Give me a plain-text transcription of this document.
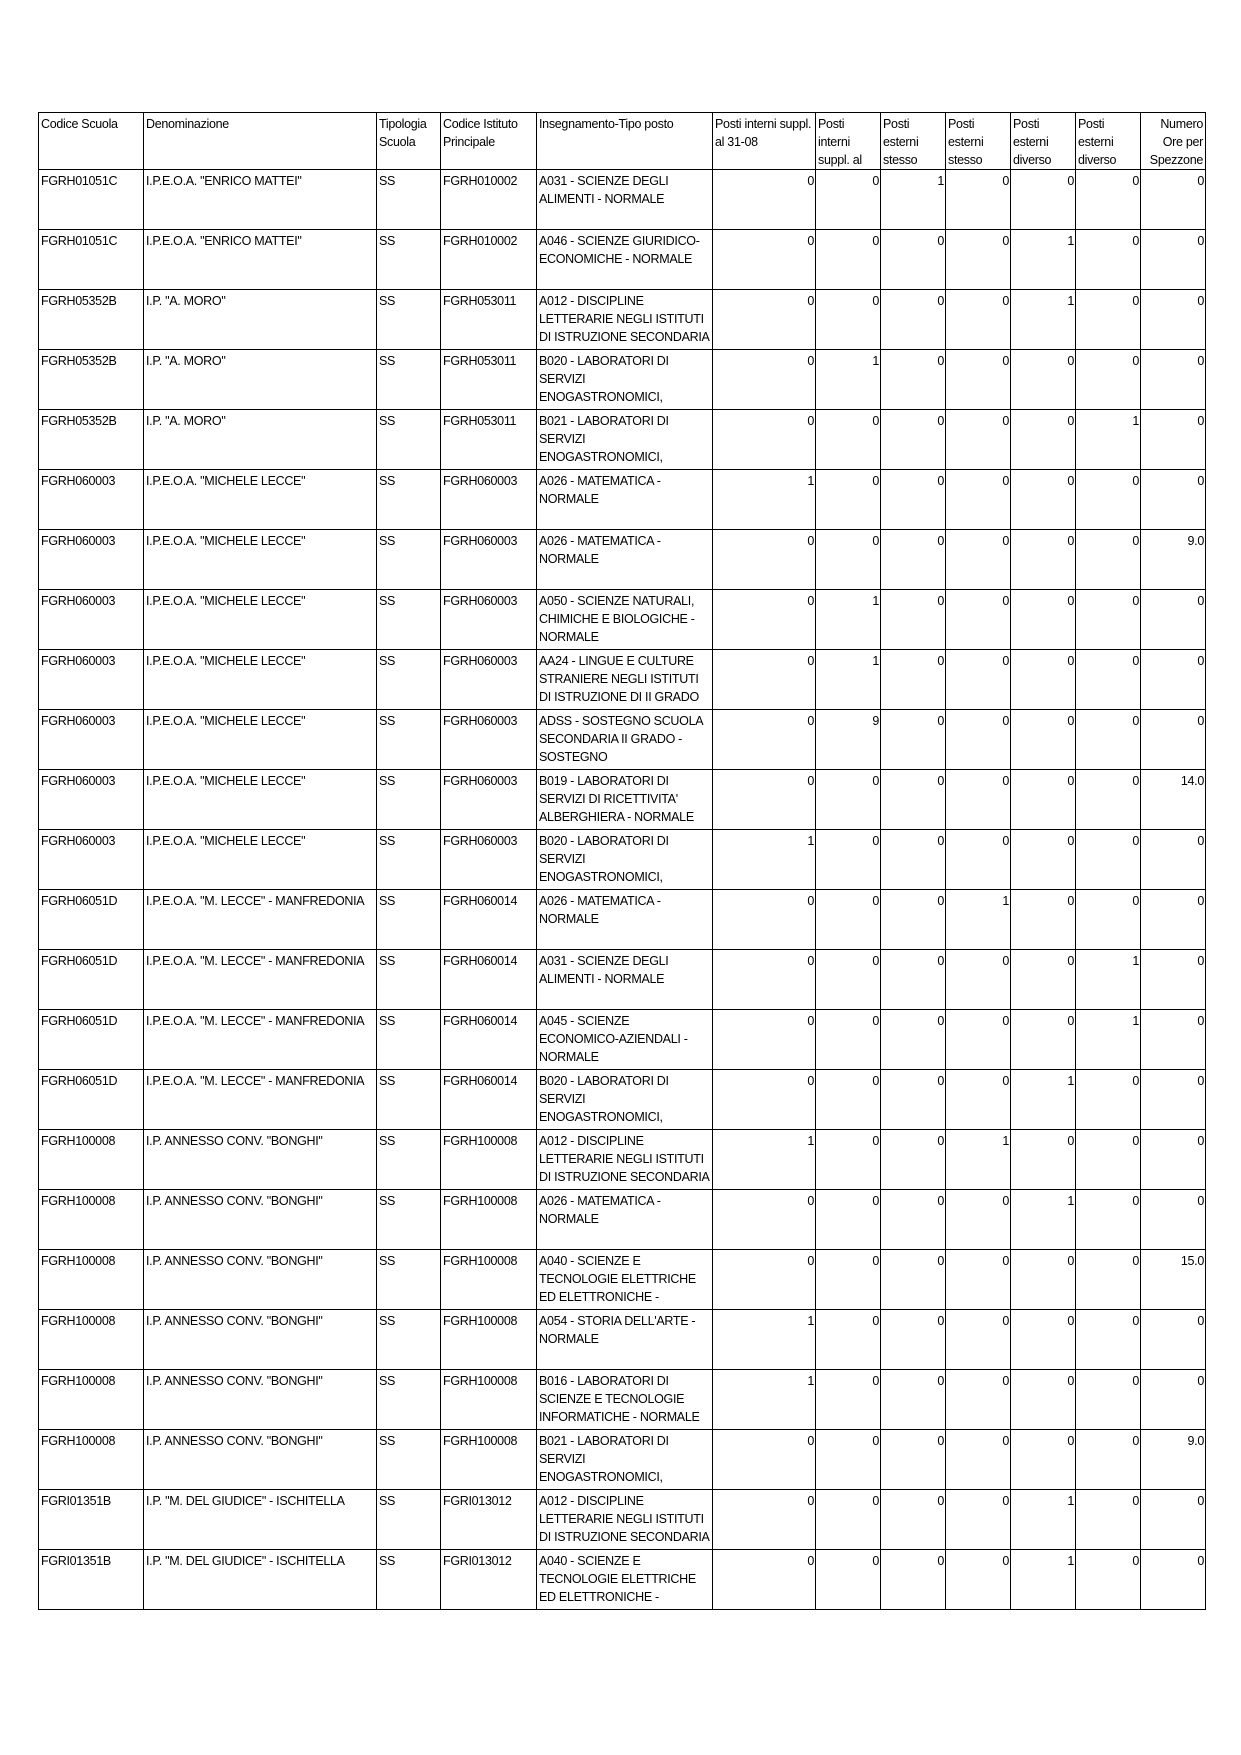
Codice Scuola	Denominazione	Tipologia Scuola	Codice Istituto Principale	Insegnamento-Tipo posto	Posti interni suppl. al 31-08	Posti interni suppl. al	Posti esterni stesso	Posti esterni stesso	Posti esterni diverso	Posti esterni diverso	Numero Ore per Spezzone

FGRH01051C	I.P.E.O.A. "ENRICO MATTEI"	SS	FGRH010002	A031 - SCIENZE DEGLI ALIMENTI - NORMALE	0	0	1	0	0	0	0

FGRH01051C	I.P.E.O.A. "ENRICO MATTEI"	SS	FGRH010002	A046 - SCIENZE GIURIDICO-ECONOMICHE - NORMALE	0	0	0	0	1	0	0

FGRH05352B	I.P. "A. MORO"	SS	FGRH053011	A012 - DISCIPLINE LETTERARIE NEGLI ISTITUTI DI ISTRUZIONE SECONDARIA	0	0	0	0	1	0	0

FGRH05352B	I.P. "A. MORO"	SS	FGRH053011	B020 - LABORATORI DI SERVIZI ENOGASTRONOMICI,	0	1	0	0	0	0	0

FGRH05352B	I.P. "A. MORO"	SS	FGRH053011	B021 - LABORATORI DI SERVIZI ENOGASTRONOMICI,	0	0	0	0	0	1	0

FGRH060003	I.P.E.O.A. "MICHELE LECCE"	SS	FGRH060003	A026 - MATEMATICA - NORMALE	1	0	0	0	0	0	0

FGRH060003	I.P.E.O.A. "MICHELE LECCE"	SS	FGRH060003	A026 - MATEMATICA - NORMALE	0	0	0	0	0	0	9.0

FGRH060003	I.P.E.O.A. "MICHELE LECCE"	SS	FGRH060003	A050 - SCIENZE NATURALI, CHIMICHE E BIOLOGICHE - NORMALE	0	1	0	0	0	0	0

FGRH060003	I.P.E.O.A. "MICHELE LECCE"	SS	FGRH060003	AA24 - LINGUE E CULTURE STRANIERE NEGLI ISTITUTI DI ISTRUZIONE DI II GRADO	0	1	0	0	0	0	0

FGRH060003	I.P.E.O.A. "MICHELE LECCE"	SS	FGRH060003	ADSS - SOSTEGNO SCUOLA SECONDARIA II GRADO - SOSTEGNO	0	9	0	0	0	0	0

FGRH060003	I.P.E.O.A. "MICHELE LECCE"	SS	FGRH060003	B019 - LABORATORI DI SERVIZI DI RICETTIVITA' ALBERGHIERA - NORMALE	0	0	0	0	0	0	14.0

FGRH060003	I.P.E.O.A. "MICHELE LECCE"	SS	FGRH060003	B020 - LABORATORI DI SERVIZI ENOGASTRONOMICI,	1	0	0	0	0	0	0

FGRH06051D	I.P.E.O.A. "M. LECCE" - MANFREDONIA	SS	FGRH060014	A026 - MATEMATICA - NORMALE	0	0	0	1	0	0	0

FGRH06051D	I.P.E.O.A. "M. LECCE" - MANFREDONIA	SS	FGRH060014	A031 - SCIENZE DEGLI ALIMENTI - NORMALE	0	0	0	0	0	1	0

FGRH06051D	I.P.E.O.A. "M. LECCE" - MANFREDONIA	SS	FGRH060014	A045 - SCIENZE ECONOMICO-AZIENDALI - NORMALE	0	0	0	0	0	1	0

FGRH06051D	I.P.E.O.A. "M. LECCE" - MANFREDONIA	SS	FGRH060014	B020 - LABORATORI DI SERVIZI ENOGASTRONOMICI,	0	0	0	0	1	0	0

FGRH100008	I.P. ANNESSO CONV. "BONGHI"	SS	FGRH100008	A012 - DISCIPLINE LETTERARIE NEGLI ISTITUTI DI ISTRUZIONE SECONDARIA	1	0	0	1	0	0	0

FGRH100008	I.P. ANNESSO CONV. "BONGHI"	SS	FGRH100008	A026 - MATEMATICA - NORMALE	0	0	0	0	1	0	0

FGRH100008	I.P. ANNESSO CONV. "BONGHI"	SS	FGRH100008	A040 - SCIENZE E TECNOLOGIE ELETTRICHE ED ELETTRONICHE -	0	0	0	0	0	0	15.0

FGRH100008	I.P. ANNESSO CONV. "BONGHI"	SS	FGRH100008	A054 - STORIA DELL'ARTE - NORMALE	1	0	0	0	0	0	0

FGRH100008	I.P. ANNESSO CONV. "BONGHI"	SS	FGRH100008	B016 - LABORATORI DI SCIENZE E TECNOLOGIE INFORMATICHE - NORMALE	1	0	0	0	0	0	0

FGRH100008	I.P. ANNESSO CONV. "BONGHI"	SS	FGRH100008	B021 - LABORATORI DI SERVIZI ENOGASTRONOMICI,	0	0	0	0	0	0	9.0

FGRI01351B	I.P. "M. DEL GIUDICE" - ISCHITELLA	SS	FGRI013012	A012 - DISCIPLINE LETTERARIE NEGLI ISTITUTI DI ISTRUZIONE SECONDARIA	0	0	0	0	1	0	0

FGRI01351B	I.P. "M. DEL GIUDICE" - ISCHITELLA	SS	FGRI013012	A040 - SCIENZE E TECNOLOGIE ELETTRICHE ED ELETTRONICHE -	0	0	0	0	1	0	0
